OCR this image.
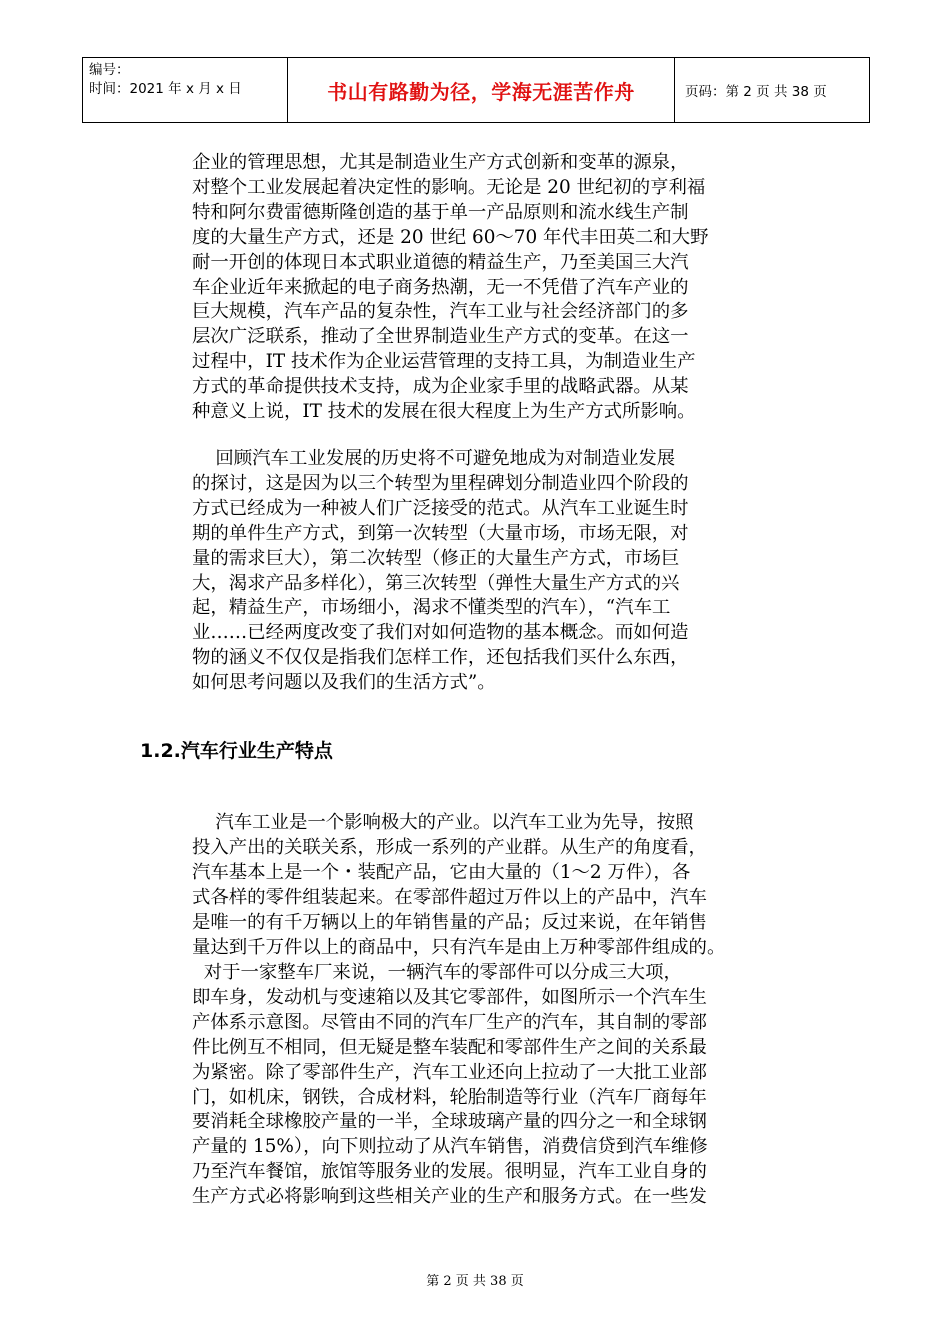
编号：
时间：2021 年 x 月 x 日	书山有路勤为径，学海无涯苦作舟	页码：第 2 页 共 38 页
企业的管理思想，尤其是制造业生产方式创新和变革的源泉，
对整个工业发展起着决定性的影响。无论是 20 世纪初的亨利福
特和阿尔费雷德斯隆创造的基于单一产品原则和流水线生产制
度的大量生产方式，还是 20 世纪 60～70 年代丰田英二和大野
耐一开创的体现日本式职业道德的精益生产，乃至美国三大汽
车企业近年来掀起的电子商务热潮，无一不凭借了汽车产业的
巨大规模，汽车产品的复杂性，汽车工业与社会经济部门的多
层次广泛联系，推动了全世界制造业生产方式的变革。在这一
过程中，IT 技术作为企业运营管理的支持工具，为制造业生产
方式的革命提供技术支持，成为企业家手里的战略武器。从某
种意义上说，IT 技术的发展在很大程度上为生产方式所影响。
回顾汽车工业发展的历史将不可避免地成为对制造业发展
的探讨，这是因为以三个转型为里程碑划分制造业四个阶段的
方式已经成为一种被人们广泛接受的范式。从汽车工业诞生时
期的单件生产方式，到第一次转型（大量市场，市场无限，对
量的需求巨大），第二次转型（修正的大量生产方式，市场巨
大，渴求产品多样化），第三次转型（弹性大量生产方式的兴
起，精益生产，市场细小，渴求不懂类型的汽车），“汽车工
业……已经两度改变了我们对如何造物的基本概念。而如何造
物的涵义不仅仅是指我们怎样工作，还包括我们买什么东西，
如何思考问题以及我们的生活方式”。
1.2.汽车行业生产特点
汽车工业是一个影响极大的产业。以汽车工业为先导，按照
投入产出的关联关系，形成一系列的产业群。从生产的角度看，
汽车基本上是一个・装配产品，它由大量的（1～2 万件），各
式各样的零件组装起来。在零部件超过万件以上的产品中，汽车
是唯一的有千万辆以上的年销售量的产品；反过来说，在年销售
量达到千万件以上的商品中，只有汽车是由上万种零部件组成的。
对于一家整车厂来说，一辆汽车的零部件可以分成三大项，
即车身，发动机与变速箱以及其它零部件，如图所示一个汽车生
产体系示意图。尽管由不同的汽车厂生产的汽车，其自制的零部
件比例互不相同，但无疑是整车装配和零部件生产之间的关系最
为紧密。除了零部件生产，汽车工业还向上拉动了一大批工业部
门，如机床，钢铁，合成材料，轮胎制造等行业（汽车厂商每年
要消耗全球橡胶产量的一半，全球玻璃产量的四分之一和全球钢
产量的 15%），向下则拉动了从汽车销售，消费信贷到汽车维修
乃至汽车餐馆，旅馆等服务业的发展。很明显，汽车工业自身的
生产方式必将影响到这些相关产业的生产和服务方式。在一些发
第 2 页 共 38 页
